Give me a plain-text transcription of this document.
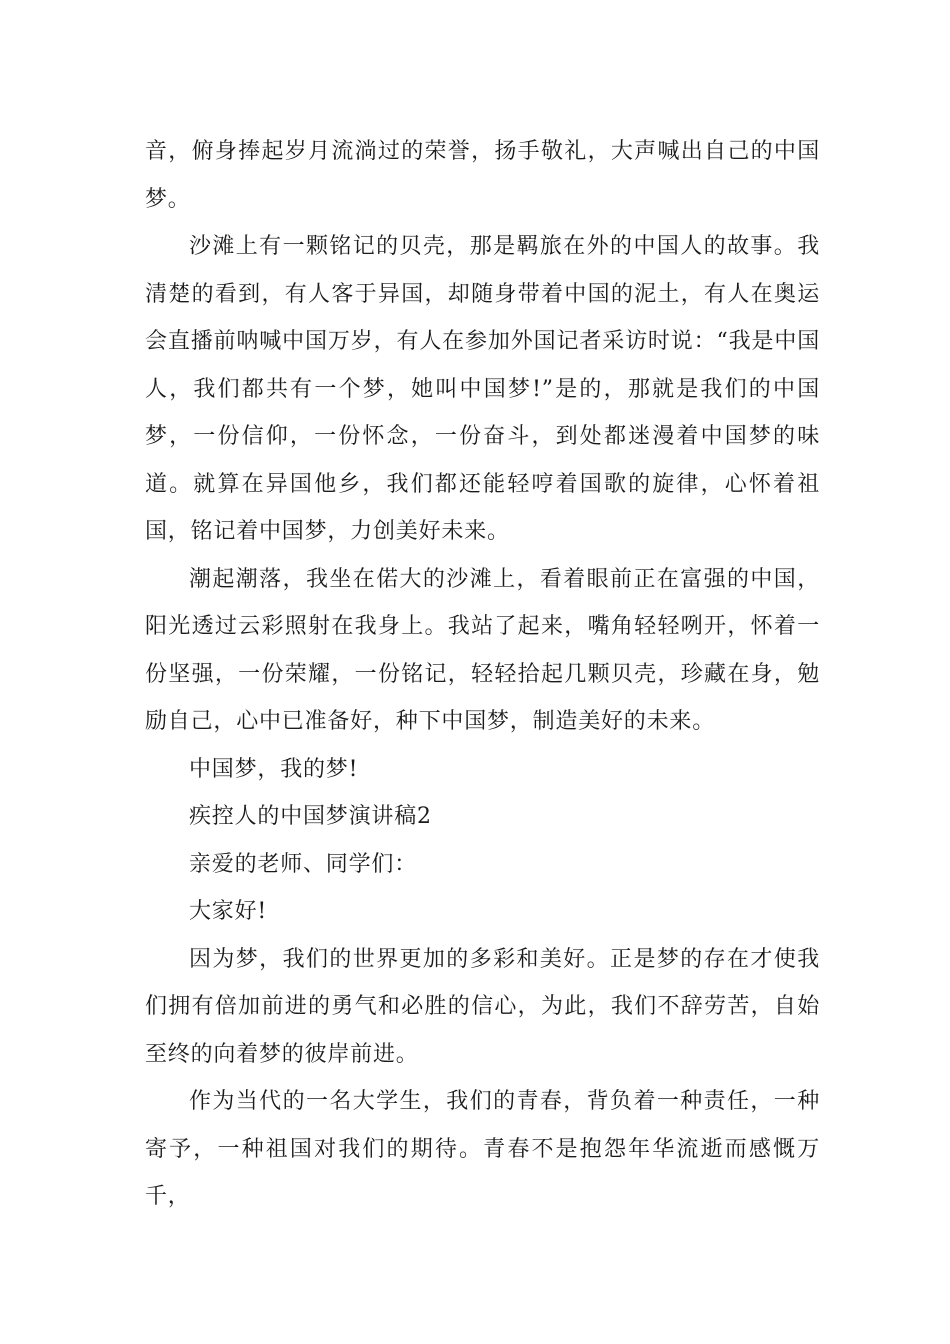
音，俯身捧起岁月流淌过的荣誉，扬手敬礼，大声喊出自己的中国梦。

沙滩上有一颗铭记的贝壳，那是羁旅在外的中国人的故事。我清楚的看到，有人客于异国，却随身带着中国的泥土，有人在奥运会直播前呐喊中国万岁，有人在参加外国记者采访时说：“我是中国人，我们都共有一个梦，她叫中国梦!”是的，那就是我们的中国梦，一份信仰，一份怀念，一份奋斗，到处都迷漫着中国梦的味道。就算在异国他乡，我们都还能轻哼着国歌的旋律，心怀着祖国，铭记着中国梦，力创美好未来。

潮起潮落，我坐在偌大的沙滩上，看着眼前正在富强的中国，阳光透过云彩照射在我身上。我站了起来，嘴角轻轻咧开，怀着一份坚强，一份荣耀，一份铭记，轻轻拾起几颗贝壳，珍藏在身，勉励自己，心中已准备好，种下中国梦，制造美好的未来。

中国梦，我的梦!

疾控人的中国梦演讲稿2

亲爱的老师、同学们：

大家好!

因为梦，我们的世界更加的多彩和美好。正是梦的存在才使我们拥有倍加前进的勇气和必胜的信心，为此，我们不辞劳苦，自始至终的向着梦的彼岸前进。

作为当代的一名大学生，我们的青春，背负着一种责任，一种寄予，一种祖国对我们的期待。青春不是抱怨年华流逝而感慨万千，
